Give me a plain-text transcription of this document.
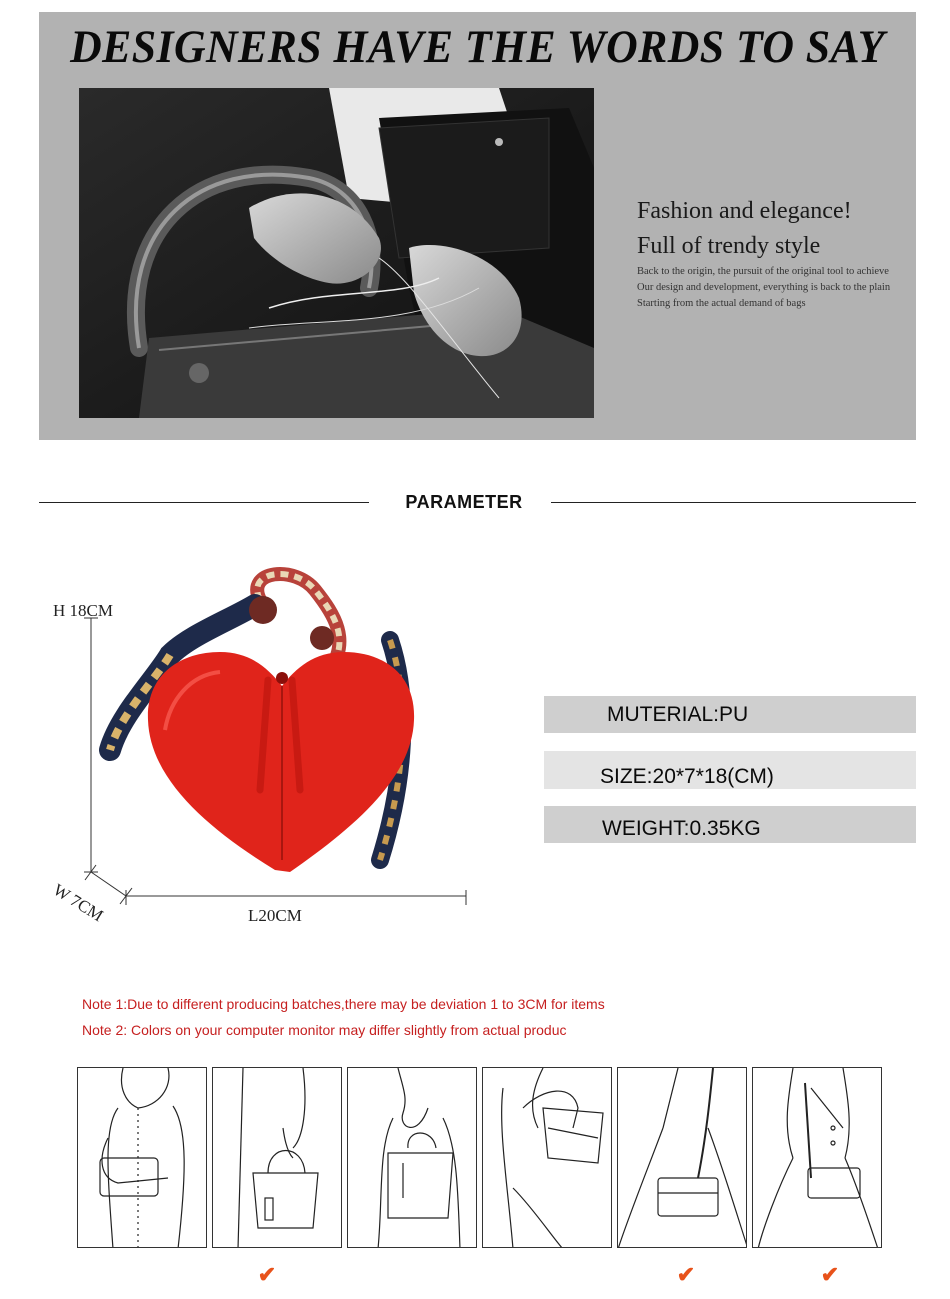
DESIGNERS HAVE THE WORDS TO SAY
Fashion and elegance!
Full of trendy style
Back to the origin, the pursuit of the original tool to achieve
Our design and development, everything is back to the plain
Starting from the actual demand of bags
PARAMETER
H 18CM
W 7CM	L20CM
MUTERIAL:PU
SIZE:20*7*18(CM)
WEIGHT:0.35KG
Note 1:Due to different producing batches,there may be deviation 1 to 3CM for items
Note 2: Colors on your computer monitor may differ slightly from actual produc
✔	✔	✔
